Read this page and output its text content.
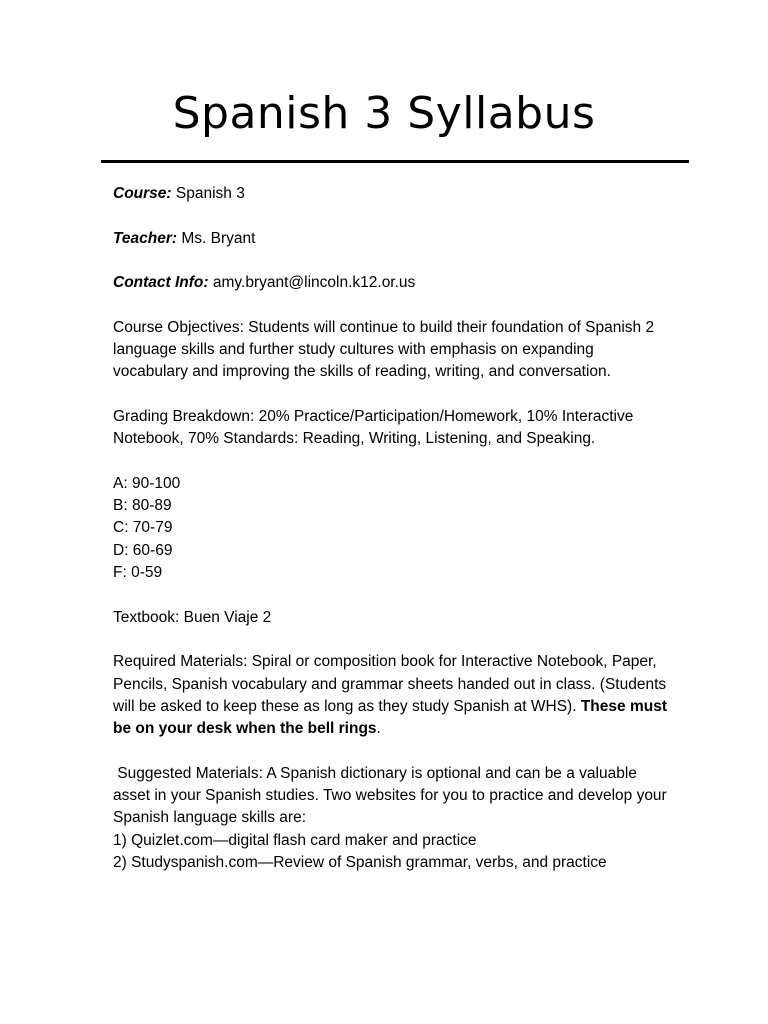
Spanish 3 Syllabus

Course: Spanish 3

Teacher: Ms. Bryant

Contact Info: amy.bryant@lincoln.k12.or.us

Course Objectives: Students will continue to build their foundation of Spanish 2 language skills and further study cultures with emphasis on expanding vocabulary and improving the skills of reading, writing, and conversation.

Grading Breakdown: 20% Practice/Participation/Homework, 10% Interactive Notebook, 70% Standards: Reading, Writing, Listening, and Speaking.

A: 90-100
B: 80-89
C: 70-79
D: 60-69
F: 0-59

Textbook: Buen Viaje 2

Required Materials: Spiral or composition book for Interactive Notebook, Paper, Pencils, Spanish vocabulary and grammar sheets handed out in class. (Students will be asked to keep these as long as they study Spanish at WHS). These must be on your desk when the bell rings.

Suggested Materials: A Spanish dictionary is optional and can be a valuable asset in your Spanish studies. Two websites for you to practice and develop your Spanish language skills are:
1) Quizlet.com—digital flash card maker and practice
2) Studyspanish.com—Review of Spanish grammar, verbs, and practice
